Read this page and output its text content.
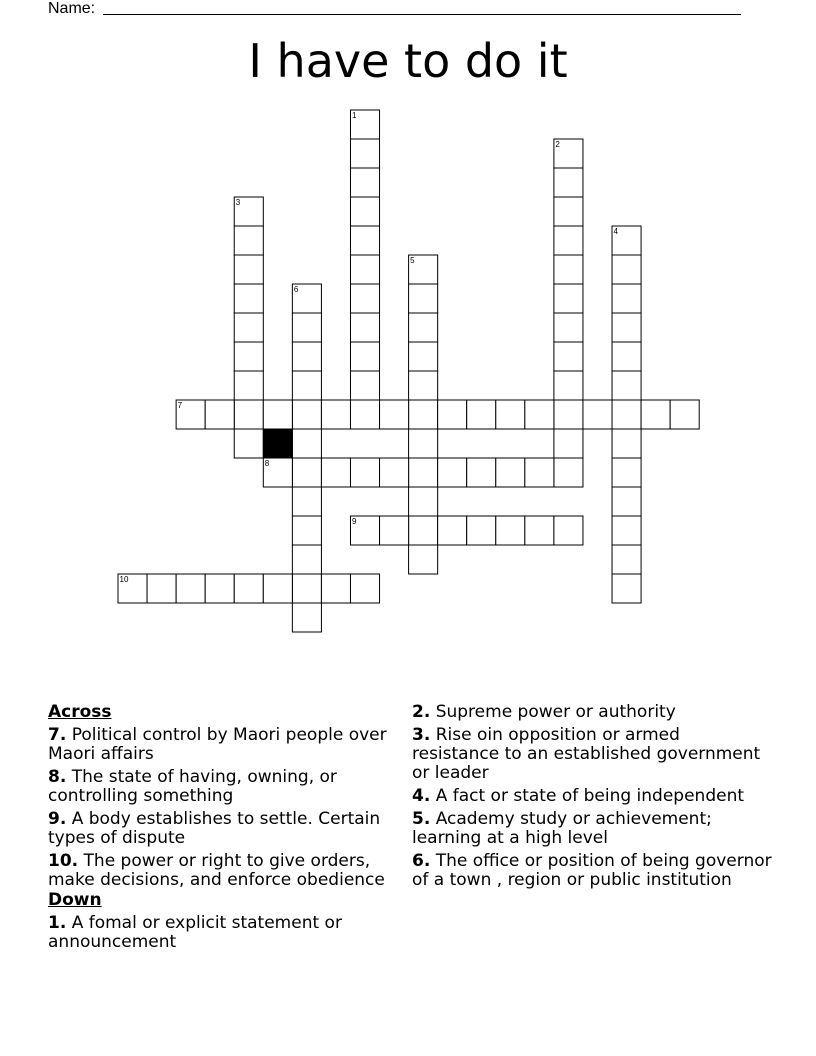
Name:
I have to do it
1
2
3
4
5
6
7
8
9
10
Across
7. Political control by Maori people over Maori affairs
8. The state of having, owning, or controlling something
9. A body establishes to settle. Certain types of dispute
10. The power or right to give orders, make decisions, and enforce obedience
Down
1. A fomal or explicit statement or announcement
2. Supreme power or authority
3. Rise oin opposition or armed resistance to an established government or leader
4. A fact or state of being independent
5. Academy study or achievement; learning at a high level
6. The office or position of being governor of a town , region or public institution
